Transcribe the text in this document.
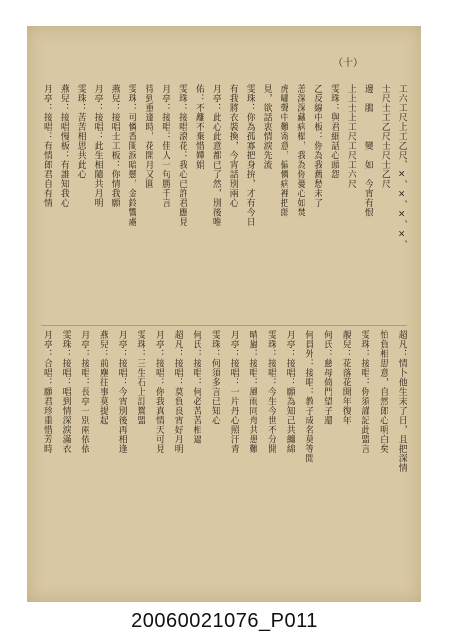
（十）
工六工尺上工乙尺、×、×、×、×、
士尺士工乙尺士尺士乙尺
邊　鵑　　　變　如　今宵有恨
上上士上工尺工尺工六尺
雯珠：與君細話心頭怨
乙反線中板：你為我舊愁未了
恙深深藏病榻，我為你憂心如焚
虎嘯聲中難寄意，偏憐病裡把郎
見，欲話衷情淚先流
雯珠：你為孤寡把身拚，才有今日
有我將衣裝換，今宵話別兩心
月亭：此心此意都已了然，別後唯
佑：不離不棄惜嬋娟
雯珠：接唱滾花：我心已許君應見
月亭：接唱：佳人一句勝千言
待到重逢時，花開月又圓
雯珠：可憐香閨淚暗懸，金鈴響處
燕兒：接唱士工板：你情我願
月亭：接唱：此生相隨共月明
雯珠：苦苦相思共此心
燕兒：接唱慢板：有誰知我心
月亭：接唱：有情郎君自有情
超凡：情卜他生末了日，且把深情
怕負相思意，自然郎心明白矣
雯珠：接唱：你須謹記此盟言
靚兒：花落花開年復年
何氏：慈母倚門望子還
何員外：接唱：教子成名莫等閒
月亭：接唱：願為知己共纏綿
雯珠：接唱：今生今世不分開
晴嵐：接唱：風雨同舟共患難
月亭：接唱：一片丹心照汗青
雯珠：何須多言已知心
何氏：接唱：何必苦苦相逼
超凡：接唱：莫負良宵好月明
月亭：接唱：你我真情天可見
雯珠：三生石上訂鴛盟
月亭：接唱：今宵別後再相逢
燕兒：前塵往事莫提起
月亭：接唱：長亭一別兩依依
雯珠：接唱：唱到情深淚滿衣
月亭：合唱：願君珍重惜芳時
20060021076_P011
